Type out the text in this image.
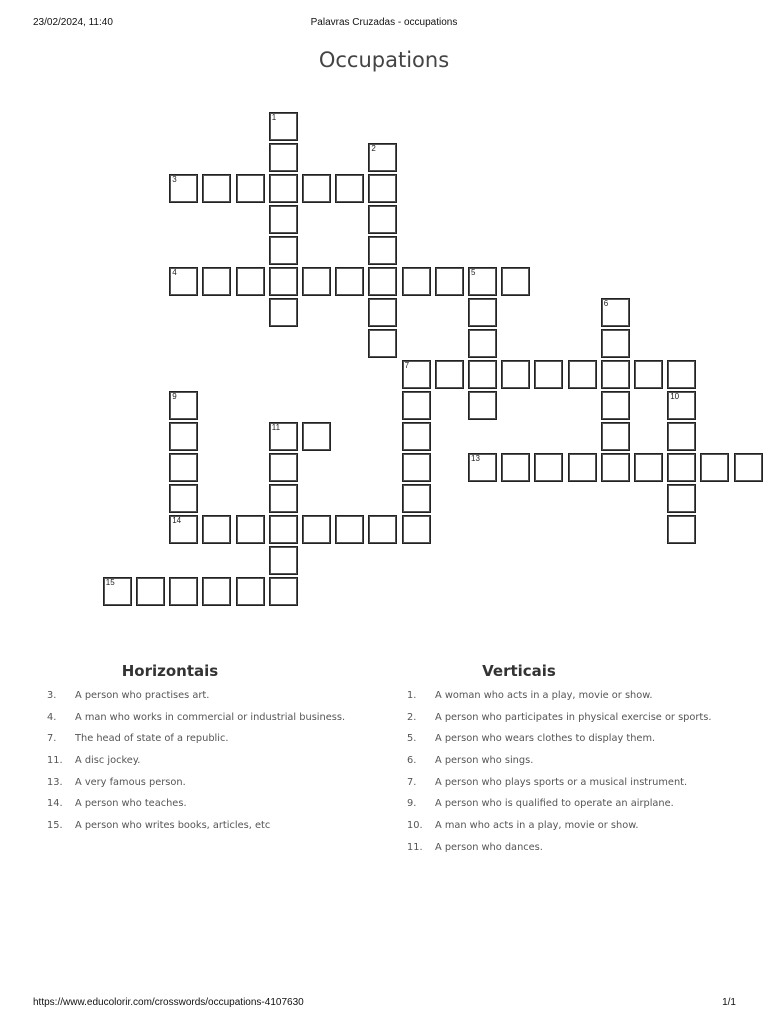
23/02/2024, 11:40	Palavras Cruzadas - occupations
Occupations
1
2
3
4	5
6
7
9
14
10
11
13
15
Horizontais
3.	A person who practises art.
4.	A man who works in commercial or industrial business.
7.	The head of state of a republic.
11.	A disc jockey.
13.	A very famous person.
14.	A person who teaches.
15.	A person who writes books, articles, etc
Verticais
1.	A woman who acts in a play, movie or show.
2.	A person who participates in physical exercise or sports.
5.	A person who wears clothes to display them.
6.	A person who sings.
7.	A person who plays sports or a musical instrument.
9.	A person who is qualified to operate an airplane.
10.	A man who acts in a play, movie or show.
11.	A person who dances.
https://www.educolorir.com/crosswords/occupations-4107630	1/1
